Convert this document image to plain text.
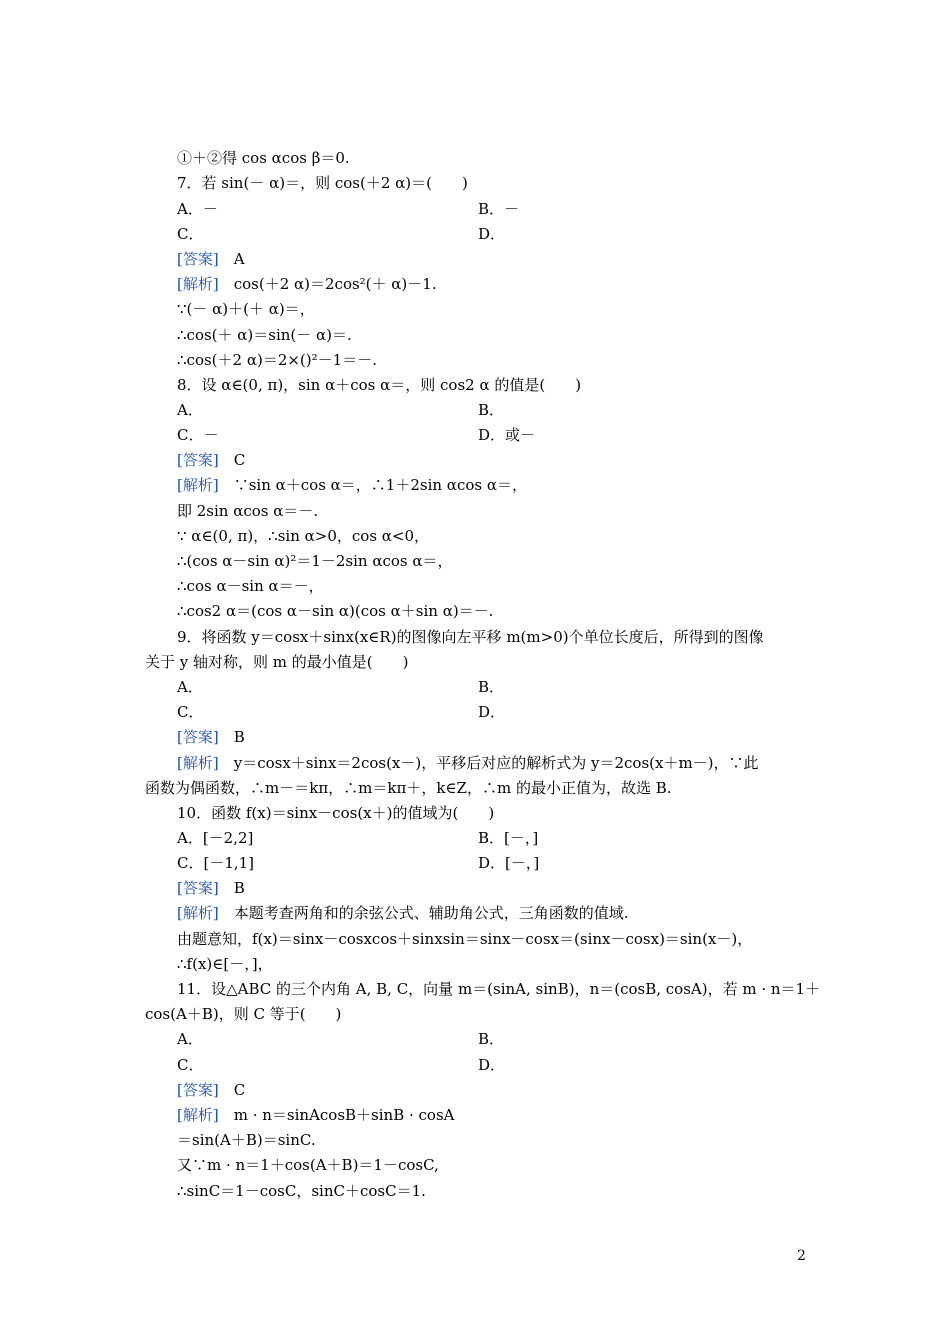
①＋②得 cos αcos β＝0.
7．若 sin(－ α)＝，则 cos(＋2 α)＝(　　)
A．－	B．－
C．	D．
[答案]　A
[解析]　cos(＋2 α)＝2cos²(＋ α)－1.
∵(－ α)＋(＋ α)＝，
∴cos(＋ α)＝sin(－ α)＝.
∴cos(＋2 α)＝2×()²－1＝－.
8．设 α∈(0, π)，sin α＋cos α＝，则 cos2 α 的值是(　　)
A．	B．
C．－	D．或－
[答案]　C
[解析]　∵sin α＋cos α＝，∴1＋2sin αcos α＝，
即 2sin αcos α＝－.
∵ α∈(0, π)，∴sin α>0，cos α<0，
∴(cos α－sin α)²＝1－2sin αcos α＝，
∴cos α－sin α＝－，
∴cos2 α＝(cos α－sin α)(cos α＋sin α)＝－.
9．将函数 y＝cosx＋sinx(x∈R)的图像向左平移 m(m>0)个单位长度后，所得到的图像
关于 y 轴对称，则 m 的最小值是(　　)
A．	B．
C．	D．
[答案]　B
[解析]　y＝cosx＋sinx＝2cos(x－)，平移后对应的解析式为 y＝2cos(x＋m－)，∵此
函数为偶函数，∴m－＝kπ，∴m＝kπ＋，k∈Z，∴m 的最小正值为，故选 B.
10．函数 f(x)＝sinx－cos(x＋)的值域为(　　)
A．[－2,2]	B．[－，]
C．[－1,1]	D．[－，]
[答案]　B
[解析]　本题考查两角和的余弦公式、辅助角公式，三角函数的值域.
由题意知，f(x)＝sinx－cosxcos＋sinxsin＝sinx－cosx＝(sinx－cosx)＝sin(x－)，
∴f(x)∈[－，]，
11．设△ABC 的三个内角 A, B, C，向量 m＝(sinA, sinB)，n＝(cosB, cosA)，若 m · n＝1＋
cos(A＋B)，则 C 等于(　　)
A．	B．
C．	D．
[答案]　C
[解析]　m · n＝sinAcosB＋sinB · cosA
＝sin(A＋B)＝sinC.
又∵m · n＝1＋cos(A＋B)＝1－cosC,
∴sinC＝1－cosC，sinC＋cosC＝1.
2
